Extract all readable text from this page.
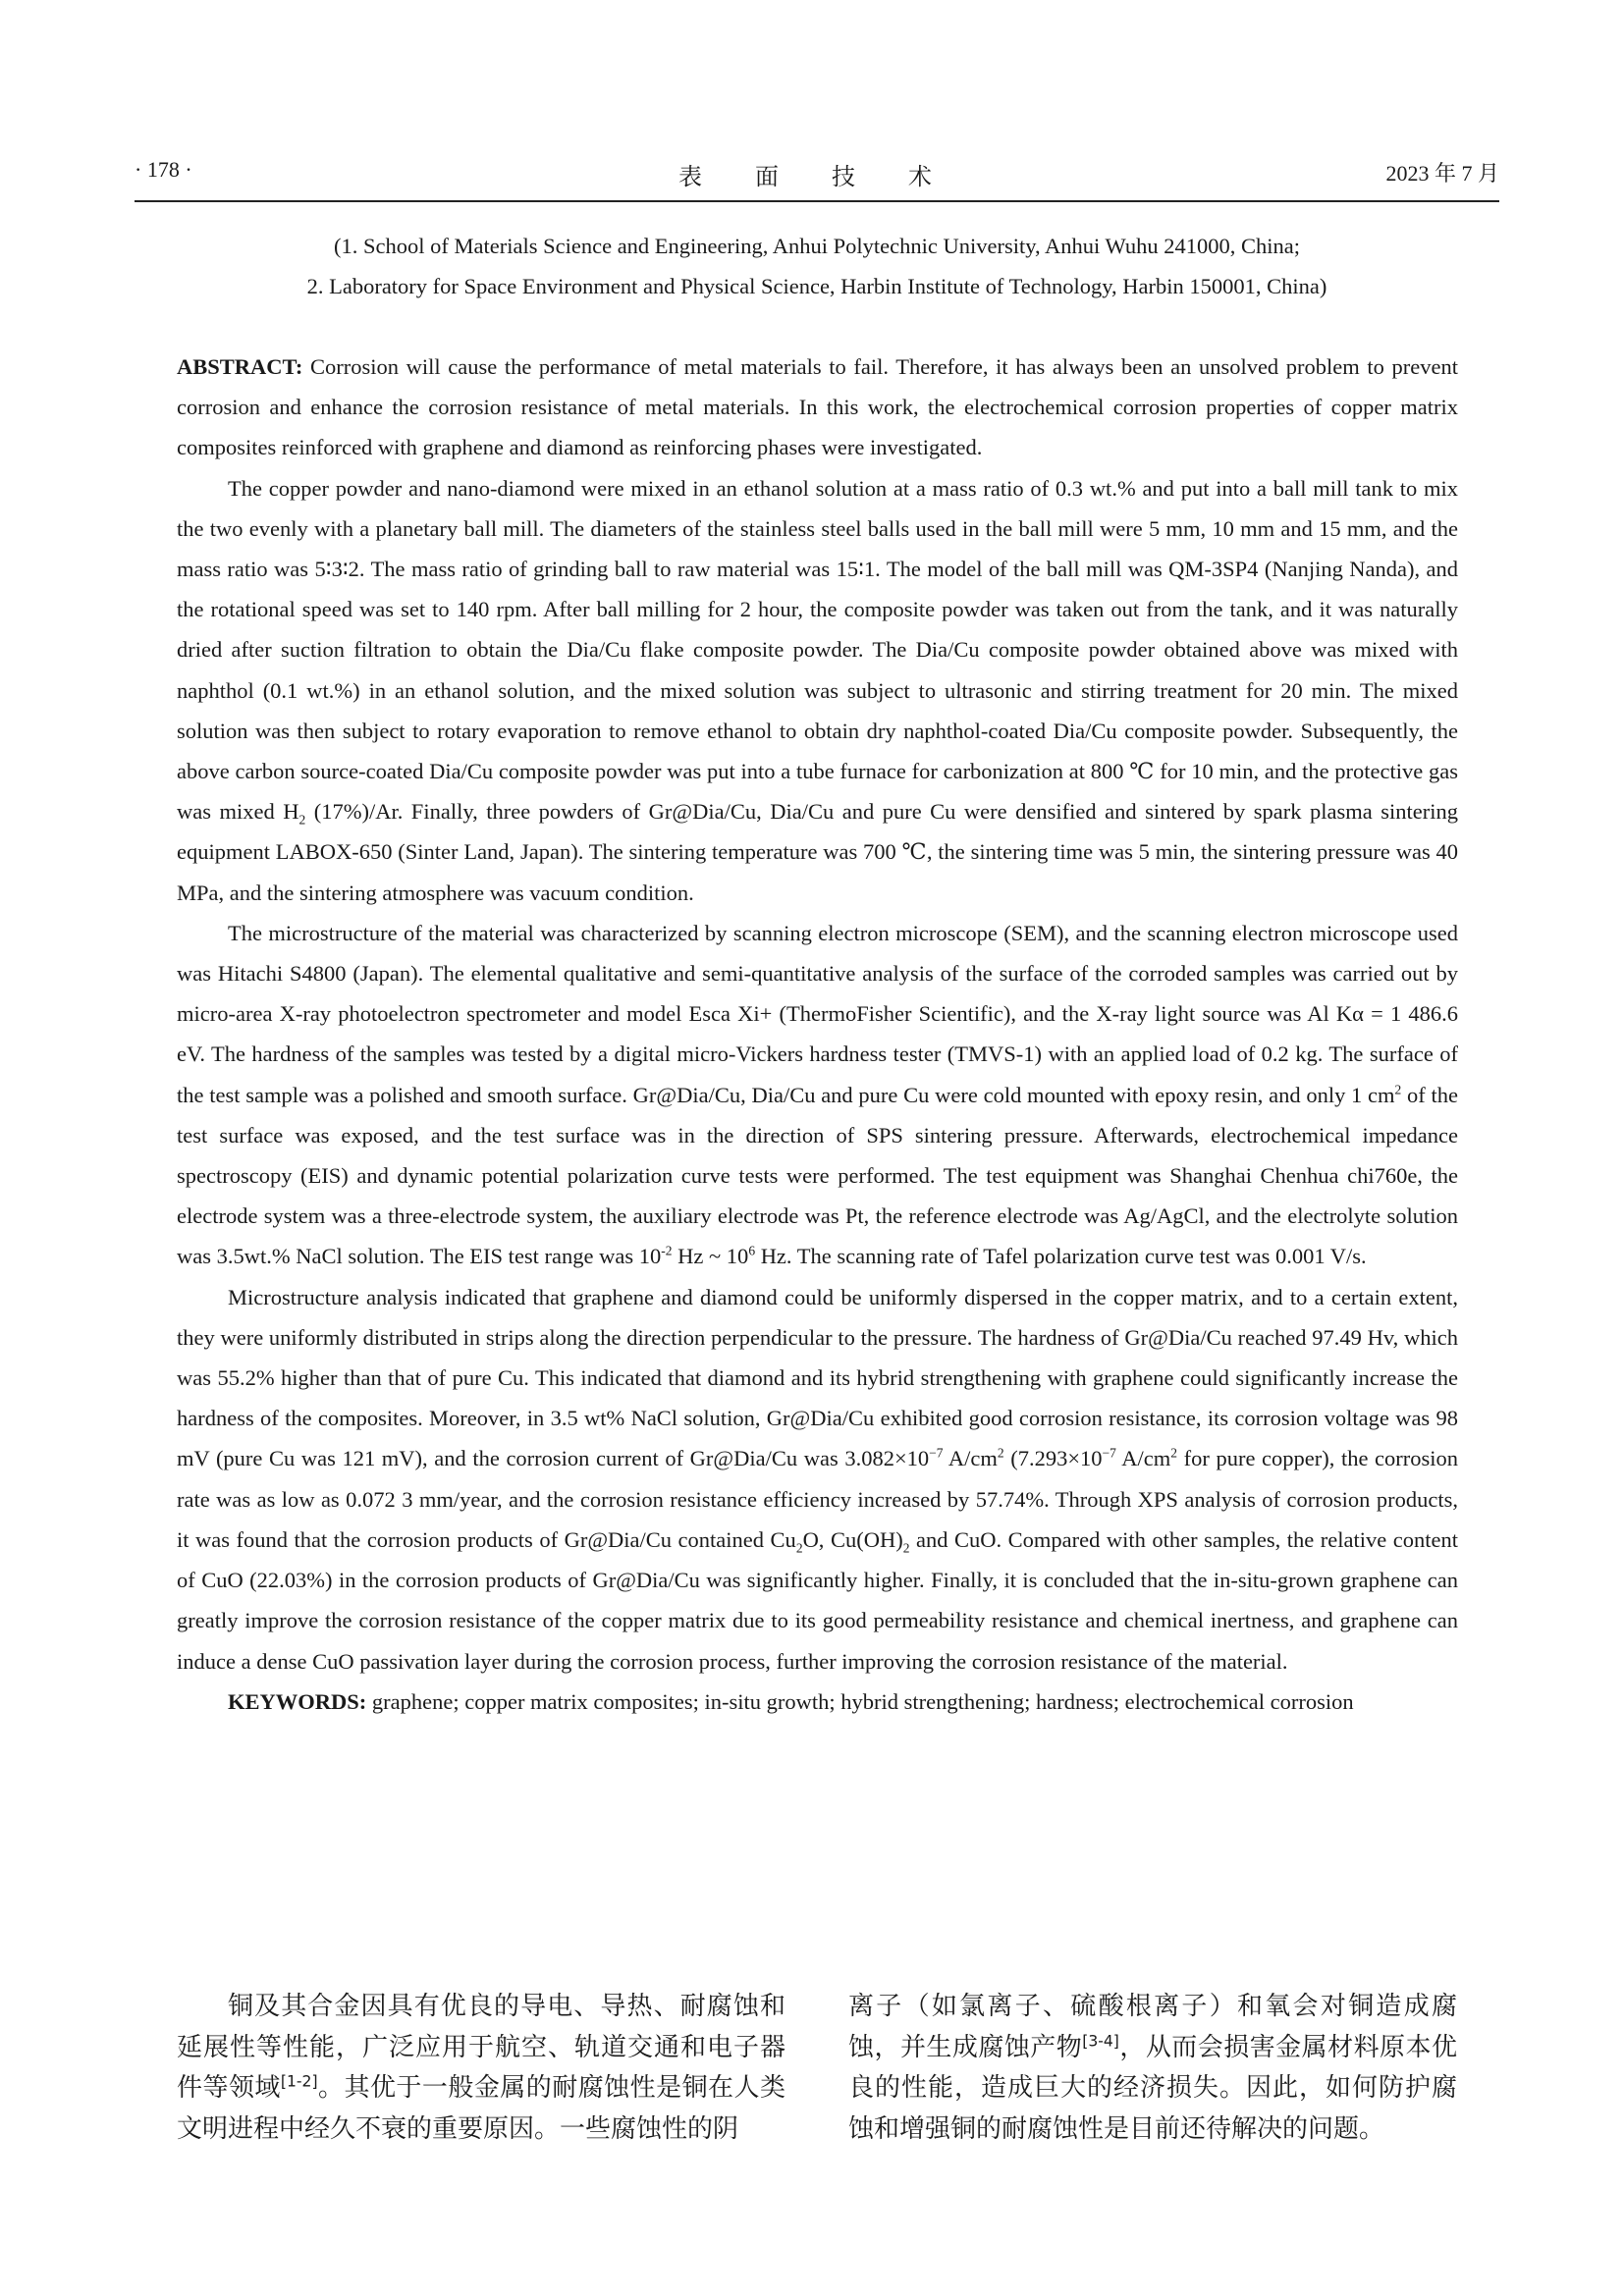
· 178 ·	表 面 技 术	2023 年 7 月
(1. School of Materials Science and Engineering, Anhui Polytechnic University, Anhui Wuhu 241000, China;
2. Laboratory for Space Environment and Physical Science, Harbin Institute of Technology, Harbin 150001, China)

ABSTRACT: Corrosion will cause the performance of metal materials to fail. Therefore, it has always been an unsolved problem to prevent corrosion and enhance the corrosion resistance of metal materials. In this work, the electrochemical corrosion properties of copper matrix composites reinforced with graphene and diamond as reinforcing phases were investigated.

The copper powder and nano-diamond were mixed in an ethanol solution at a mass ratio of 0.3 wt.% and put into a ball mill tank to mix the two evenly with a planetary ball mill. The diameters of the stainless steel balls used in the ball mill were 5 mm, 10 mm and 15 mm, and the mass ratio was 5∶3∶2. The mass ratio of grinding ball to raw material was 15∶1. The model of the ball mill was QM-3SP4 (Nanjing Nanda), and the rotational speed was set to 140 rpm. After ball milling for 2 hour, the composite powder was taken out from the tank, and it was naturally dried after suction filtration to obtain the Dia/Cu flake composite powder. The Dia/Cu composite powder obtained above was mixed with naphthol (0.1 wt.%) in an ethanol solution, and the mixed solution was subject to ultrasonic and stirring treatment for 20 min. The mixed solution was then subject to rotary evaporation to remove ethanol to obtain dry naphthol-coated Dia/Cu composite powder. Subsequently, the above carbon source-coated Dia/Cu composite powder was put into a tube furnace for carbonization at 800 ℃ for 10 min, and the protective gas was mixed $H_2$ (17%)/Ar. Finally, three powders of Gr@Dia/Cu, Dia/Cu and pure Cu were densified and sintered by spark plasma sintering equipment LABOX-650 (Sinter Land, Japan). The sintering temperature was 700 ℃, the sintering time was 5 min, the sintering pressure was 40 MPa, and the sintering atmosphere was vacuum condition.

The microstructure of the material was characterized by scanning electron microscope (SEM), and the scanning electron microscope used was Hitachi S4800 (Japan). The elemental qualitative and semi-quantitative analysis of the surface of the corroded samples was carried out by micro-area X-ray photoelectron spectrometer and model Esca Xi+ (ThermoFisher Scientific), and the X-ray light source was Al Kα = 1 486.6 eV. The hardness of the samples was tested by a digital micro-Vickers hardness tester (TMVS-1) with an applied load of 0.2 kg. The surface of the test sample was a polished and smooth surface. Gr@Dia/Cu, Dia/Cu and pure Cu were cold mounted with epoxy resin, and only 1 $cm^2$ of the test surface was exposed, and the test surface was in the direction of SPS sintering pressure. Afterwards, electrochemical impedance spectroscopy (EIS) and dynamic potential polarization curve tests were performed. The test equipment was Shanghai Chenhua chi760e, the electrode system was a three-electrode system, the auxiliary electrode was Pt, the reference electrode was Ag/AgCl, and the electrolyte solution was 3.5wt.% NaCl solution. The EIS test range was $10^{-2}$ Hz ~ $10^6$ Hz. The scanning rate of Tafel polarization curve test was 0.001 V/s.

Microstructure analysis indicated that graphene and diamond could be uniformly dispersed in the copper matrix, and to a certain extent, they were uniformly distributed in strips along the direction perpendicular to the pressure. The hardness of Gr@Dia/Cu reached 97.49 Hv, which was 55.2% higher than that of pure Cu. This indicated that diamond and its hybrid strengthening with graphene could significantly increase the hardness of the composites. Moreover, in 3.5 wt% NaCl solution, Gr@Dia/Cu exhibited good corrosion resistance, its corrosion voltage was 98 mV (pure Cu was 121 mV), and the corrosion current of Gr@Dia/Cu was $3.082\times 10^{-7}$ $A/cm^2$ ($7.293\times 10^{-7}$ $A/cm^2$ for pure copper), the corrosion rate was as low as 0.072 3 mm/year, and the corrosion resistance efficiency increased by 57.74%. Through XPS analysis of corrosion products, it was found that the corrosion products of Gr@Dia/Cu contained $Cu_2O$, $Cu(OH)_2$ and CuO. Compared with other samples, the relative content of CuO (22.03%) in the corrosion products of Gr@Dia/Cu was significantly higher. Finally, it is concluded that the in-situ-grown graphene can greatly improve the corrosion resistance of the copper matrix due to its good permeability resistance and chemical inertness, and graphene can induce a dense CuO passivation layer during the corrosion process, further improving the corrosion resistance of the material.

KEYWORDS: graphene; copper matrix composites; in-situ growth; hybrid strengthening; hardness; electrochemical corrosion

铜及其合金因具有优良的导电、导热、耐腐蚀和延展性等性能，广泛应用于航空、轨道交通和电子器件等领域[1-2]。其优于一般金属的耐腐蚀性是铜在人类文明进程中经久不衰的重要原因。一些腐蚀性的阴

离子（如氯离子、硫酸根离子）和氧会对铜造成腐蚀，并生成腐蚀产物[3-4]，从而会损害金属材料原本优良的性能，造成巨大的经济损失。因此，如何防护腐蚀和增强铜的耐腐蚀性是目前还待解决的问题。
